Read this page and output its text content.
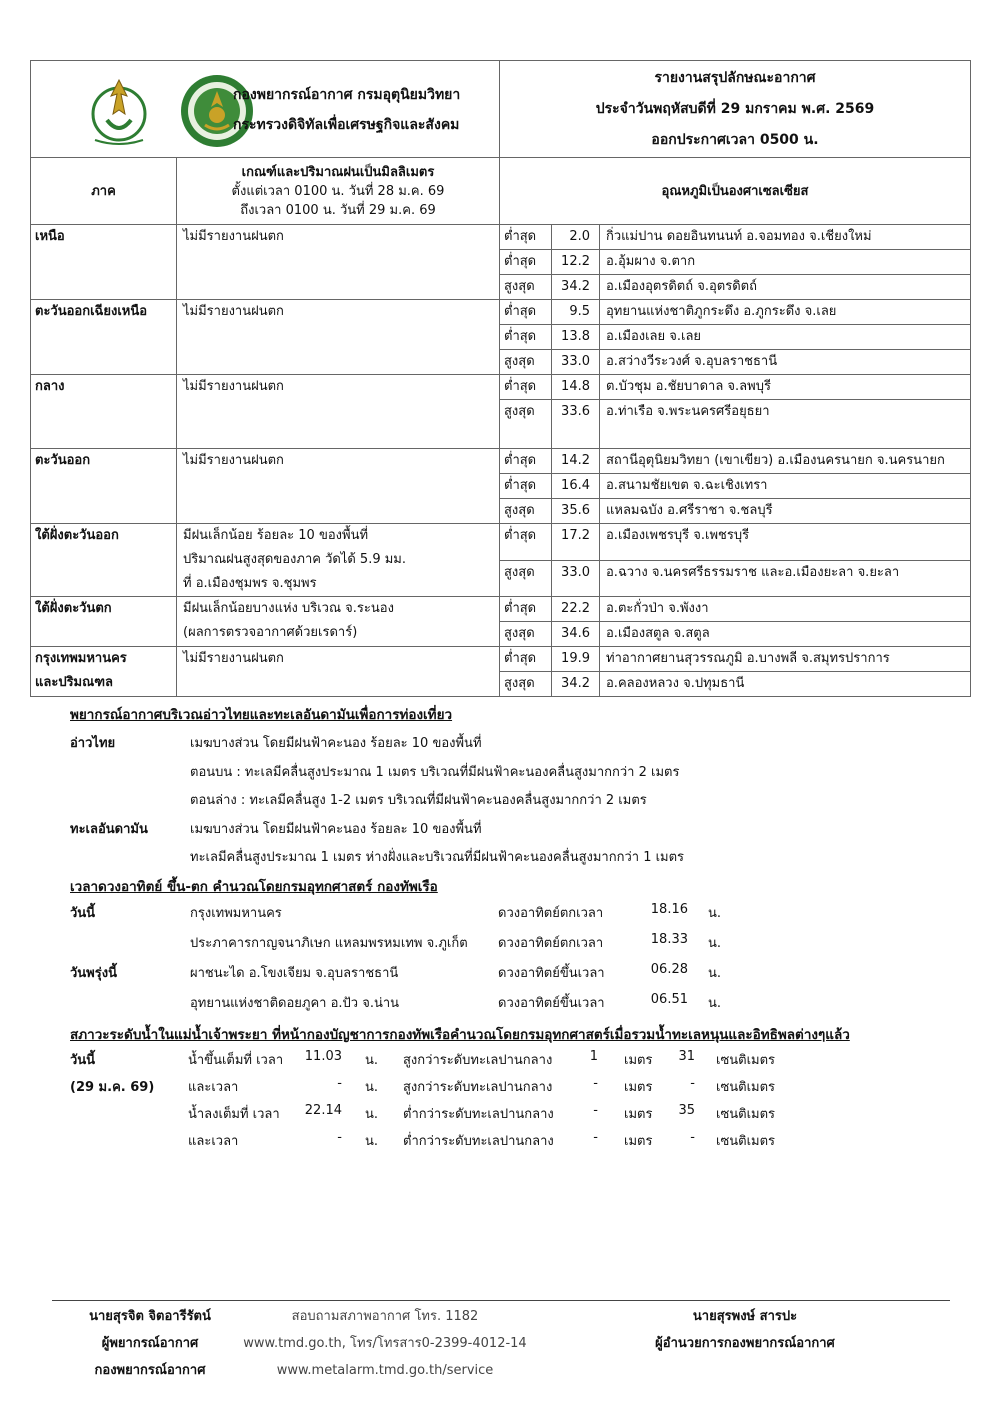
กองพยากรณ์อากาศ กรมอุตุนิยมวิทยา
กระทรวงดิจิทัลเพื่อเศรษฐกิจและสังคม

รายงานสรุปลักษณะอากาศ
ประจำวันพฤหัสบดีที่ 29 มกราคม พ.ศ. 2569
ออกประกาศเวลา 0500 น.
ภาค	เกณฑ์และปริมาณฝนเป็นมิลลิเมตร
ตั้งแต่เวลา 0100 น. วันที่ 28 ม.ค. 69
ถึงเวลา 0100 น. วันที่ 29 ม.ค. 69	อุณหภูมิเป็นองศาเซลเซียส		

เหนือ	ไม่มีรายงานฝนตก	ต่ำสุด	2.0	กิ่วแม่ปาน ดอยอินทนนท์ อ.จอมทอง จ.เชียงใหม่
		ต่ำสุด	12.2	อ.อุ้มผาง จ.ตาก
		สูงสุด	34.2	อ.เมืองอุตรดิตถ์ จ.อุตรดิตถ์

ตะวันออกเฉียงเหนือ	ไม่มีรายงานฝนตก	ต่ำสุด	9.5	อุทยานแห่งชาติภูกระดึง อ.ภูกระดึง จ.เลย
		ต่ำสุด	13.8	อ.เมืองเลย จ.เลย
		สูงสุด	33.0	อ.สว่างวีระวงศ์ จ.อุบลราชธานี

กลาง	ไม่มีรายงานฝนตก	ต่ำสุด	14.8	ต.บัวชุม อ.ชัยบาดาล จ.ลพบุรี
		สูงสุด	33.6	อ.ท่าเรือ จ.พระนครศรีอยุธยา

ตะวันออก	ไม่มีรายงานฝนตก	ต่ำสุด	14.2	สถานีอุตุนิยมวิทยา (เขาเขียว) อ.เมืองนครนายก จ.นครนายก
		ต่ำสุด	16.4	อ.สนามชัยเขต จ.ฉะเชิงเทรา
		สูงสุด	35.6	แหลมฉบัง อ.ศรีราชา จ.ชลบุรี

ใต้ฝั่งตะวันออก	มีฝนเล็กน้อย ร้อยละ 10 ของพื้นที่
ปริมาณฝนสูงสุดของภาค วัดได้ 5.9 มม.
ที่ อ.เมืองชุมพร จ.ชุมพร	ต่ำสุด	17.2	อ.เมืองเพชรบุรี จ.เพชรบุรี
		สูงสุด	33.0	อ.ฉวาง จ.นครศรีธรรมราช และอ.เมืองยะลา จ.ยะลา

ใต้ฝั่งตะวันตก	มีฝนเล็กน้อยบางแห่ง บริเวณ จ.ระนอง
(ผลการตรวจอากาศด้วยเรดาร์)	ต่ำสุด	22.2	อ.ตะกั่วป่า จ.พังงา
		สูงสุด	34.6	อ.เมืองสตูล จ.สตูล

กรุงเทพมหานคร
และปริมณฑล	ไม่มีรายงานฝนตก	ต่ำสุด	19.9	ท่าอากาศยานสุวรรณภูมิ อ.บางพลี จ.สมุทรปราการ
		สูงสุด	34.2	อ.คลองหลวง จ.ปทุมธานี
พยากรณ์อากาศบริเวณอ่าวไทยและทะเลอันดามันเพื่อการท่องเที่ยว
อ่าวไทย	เมฆบางส่วน โดยมีฝนฟ้าคะนอง ร้อยละ 10 ของพื้นที่
ตอนบน : ทะเลมีคลื่นสูงประมาณ 1 เมตร บริเวณที่มีฝนฟ้าคะนองคลื่นสูงมากกว่า 2 เมตร
ตอนล่าง : ทะเลมีคลื่นสูง 1-2 เมตร บริเวณที่มีฝนฟ้าคะนองคลื่นสูงมากกว่า 2 เมตร
ทะเลอันดามัน	เมฆบางส่วน โดยมีฝนฟ้าคะนอง ร้อยละ 10 ของพื้นที่
ทะเลมีคลื่นสูงประมาณ 1 เมตร ห่างฝั่งและบริเวณที่มีฝนฟ้าคะนองคลื่นสูงมากกว่า 1 เมตร
เวลาดวงอาทิตย์ ขึ้น-ตก คำนวณโดยกรมอุทกศาสตร์ กองทัพเรือ
วันนี้
วันพรุ่งนี้
กรุงเทพมหานคร	ดวงอาทิตย์ตกเวลา	18.16 น.
ประภาคารกาญจนาภิเษก แหลมพรหมเทพ จ.ภูเก็ต ดวงอาทิตย์ตกเวลา	18.33 น.
ผาชนะได อ.โขงเจียม จ.อุบลราชธานี	ดวงอาทิตย์ขึ้นเวลา	06.28 น.
อุทยานแห่งชาติดอยภูคา อ.ปัว จ.น่าน	ดวงอาทิตย์ขึ้นเวลา	06.51 น.
สภาวะระดับน้ำในแม่น้ำเจ้าพระยา ที่หน้ากองบัญชาการกองทัพเรือคำนวณโดยกรมอุทกศาสตร์เมื่อรวมน้ำทะเลหนุนและอิทธิพลต่างๆแล้ว
วันนี้
(29 ม.ค. 69)
น้ำขึ้นเต็มที่ เวลา	11.03 น. สูงกว่าระดับทะเลปานกลาง	1 เมตร	31 เซนติเมตร
และเวลา	- น. สูงกว่าระดับทะเลปานกลาง	- เมตร	- เซนติเมตร
น้ำลงเต็มที่ เวลา	22.14 น. ต่ำกว่าระดับทะเลปานกลาง	- เมตร	35 เซนติเมตร
และเวลา	- น. ต่ำกว่าระดับทะเลปานกลาง	- เมตร	- เซนติเมตร
นายสุรจิต จิตอารีรัตน์
ผู้พยากรณ์อากาศ
กองพยากรณ์อากาศ
สอบถามสภาพอากาศ โทร. 1182
www.tmd.go.th, โทร/โทรสาร0-2399-4012-14
www.metalarm.tmd.go.th/service
นายสุรพงษ์ สารปะ
ผู้อำนวยการกองพยากรณ์อากาศ
